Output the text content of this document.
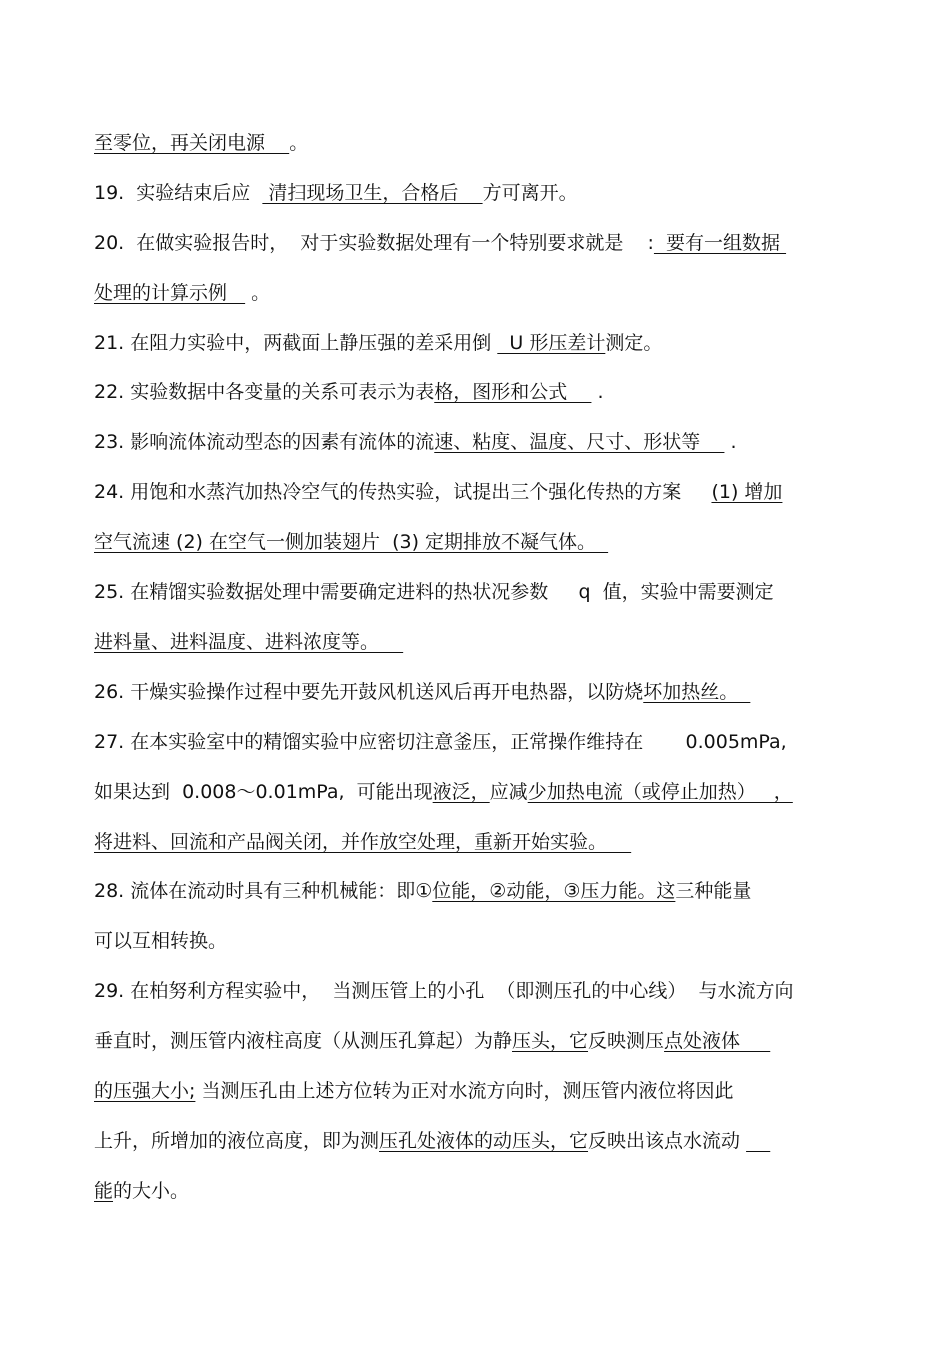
至零位，再关闭电源 。
19.  实验结束后应   清扫现场卫生，合格后    方可离开。
20.  在做实验报告时，  对于实验数据处理有一个特别要求就是    :  要有一组数据
处理的计算示例    。
21. 在阻力实验中，两截面上静压强的差采用倒   U 形压差计测定。
22. 实验数据中各变量的关系可表示为表格，图形和公式     .
23. 影响流体流动型态的因素有流体的流速、粘度、温度、尺寸、形状等     .
24. 用饱和水蒸汽加热冷空气的传热实验，试提出三个强化传热的方案     (1) 增加
空气流速 (2) 在空气一侧加装翅片  (3) 定期排放不凝气体。
25. 在精馏实验数据处理中需要确定进料的热状况参数     q  值，实验中需要测定
进料量、进料温度、进料浓度等。
26. 干燥实验操作过程中要先开鼓风机送风后再开电热器，以防烧坏加热丝。
27. 在本实验室中的精馏实验中应密切注意釜压，正常操作维持在       0.005mPa,
如果达到  0.008～0.01mPa,  可能出现液泛，应减少加热电流（或停止加热）   ，
将进料、回流和产品阀关闭，并作放空处理，重新开始实验。
28. 流体在流动时具有三种机械能：即①位能，②动能，③压力能。这三种能量
可以互相转换。
29. 在柏努利方程实验中，  当测压管上的小孔  （即测压孔的中心线）  与水流方向
垂直时，测压管内液柱高度（从测压孔算起）为静压头，它反映测压点处液体
的压强大小; 当测压孔由上述方位转为正对水流方向时，测压管内液位将因此
上升，所增加的液位高度，即为测压孔处液体的动压头，它反映出该点水流动
能的大小。
